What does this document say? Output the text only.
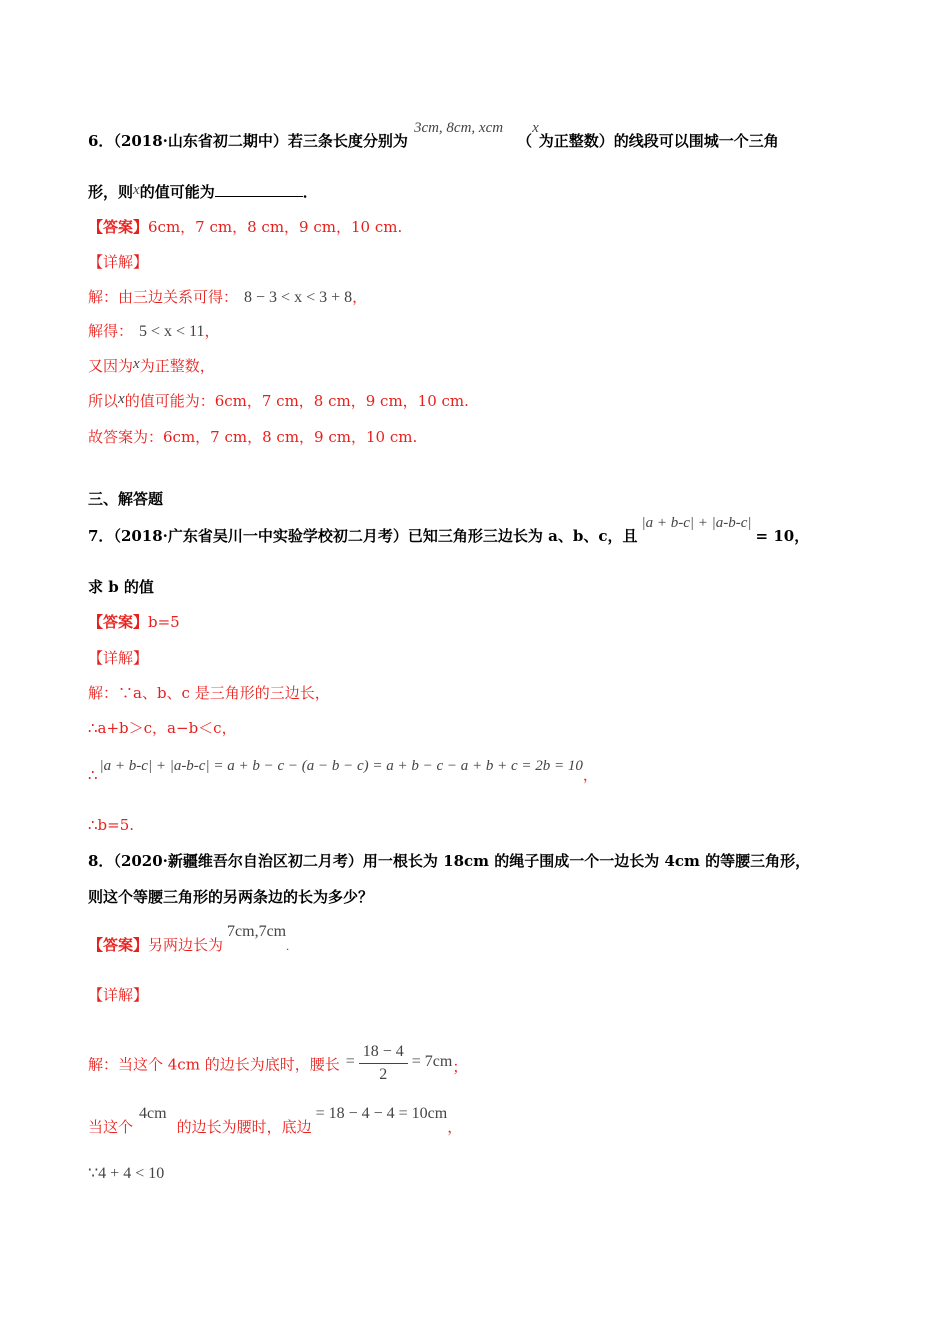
6．（2018·山东省初二期中）若三条长度分别为3cm, 8cm, xcm（x为正整数）的线段可以围城一个三角
形，则x的值可能为	．
【答案】6cm，7 cm，8 cm，9 cm，10 cm.
【详解】
解：由三边关系可得： 8 − 3 < x < 3 + 8，
解得： 5 < x < 11，
又因为x为正整数，
所以x的值可能为：6cm，7 cm，8 cm，9 cm，10 cm.
故答案为：6cm，7 cm，8 cm，9 cm，10 cm.
三、解答题
7．（2018·广东省吴川一中实验学校初二月考）已知三角形三边长为 a、b、c，且|a + b-c| + |a-b-c|= 10，
求 b 的值
【答案】b=5
【详解】
解：∵a、b、c 是三角形的三边长，
∴a+b＞c，a−b＜c，
∴ |a + b-c| + |a-b-c| = a + b − c − (a − b − c) = a + b − c − a + b + c = 2b = 10，
∴b=5.
8．（2020·新疆维吾尔自治区初二月考）用一根长为 18cm 的绳子围成一个一边长为 4cm 的等腰三角形，
则这个等腰三角形的另两条边的长为多少？
【答案】另两边长为7cm,7cm.
【详解】
解：当这个 4cm 的边长为底时，腰长 = $\frac{18 - 4}{2} = 7cm$；
当这个4cm的边长为腰时，底边= 18 − 4 − 4 = 10cm，
∵4 + 4 < 10
